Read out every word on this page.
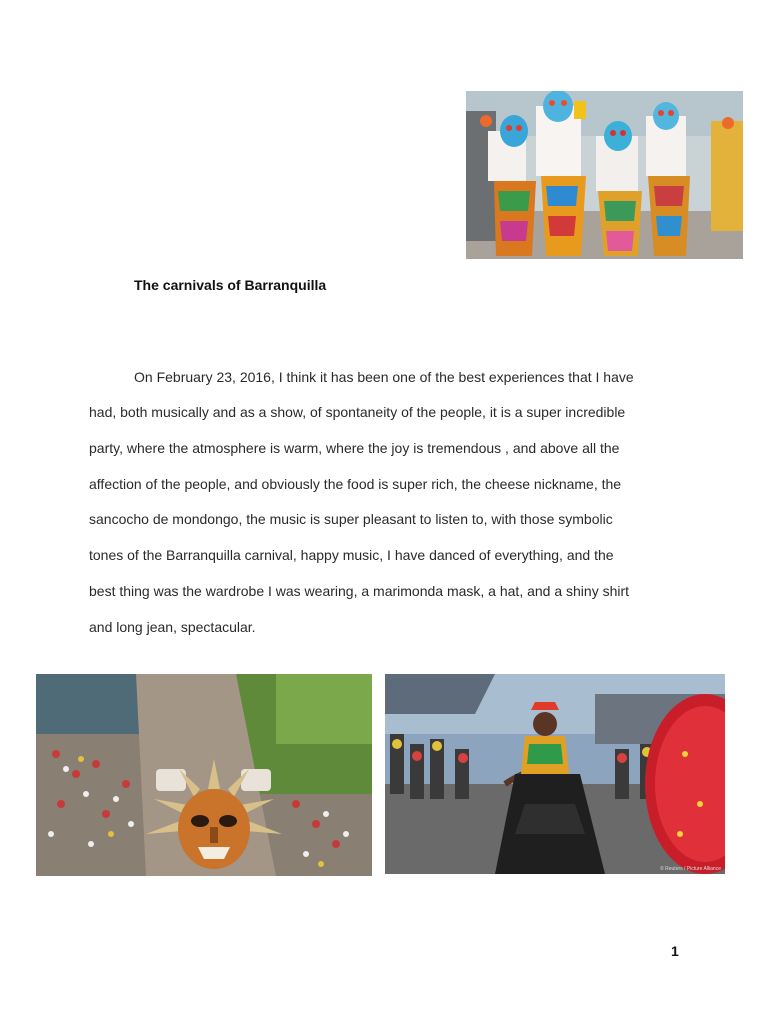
The carnivals of Barranquilla

On February 23, 2016, I think it has been one of the best experiences that I have

had, both musically and as a show, of spontaneity of the people, it is a super incredible

party, where the atmosphere is warm, where the joy is tremendous , and above all the

affection of the people, and obviously the food is super rich, the cheese nickname, the

sancocho de mondongo, the music is super pleasant to listen to, with those symbolic

tones of the Barranquilla carnival, happy music, I have danced of everything, and the

best thing was the wardrobe I was wearing, a marimonda mask, a hat, and a shiny shirt

and long jean, spectacular.

© Reuters / Picture Alliance
1
